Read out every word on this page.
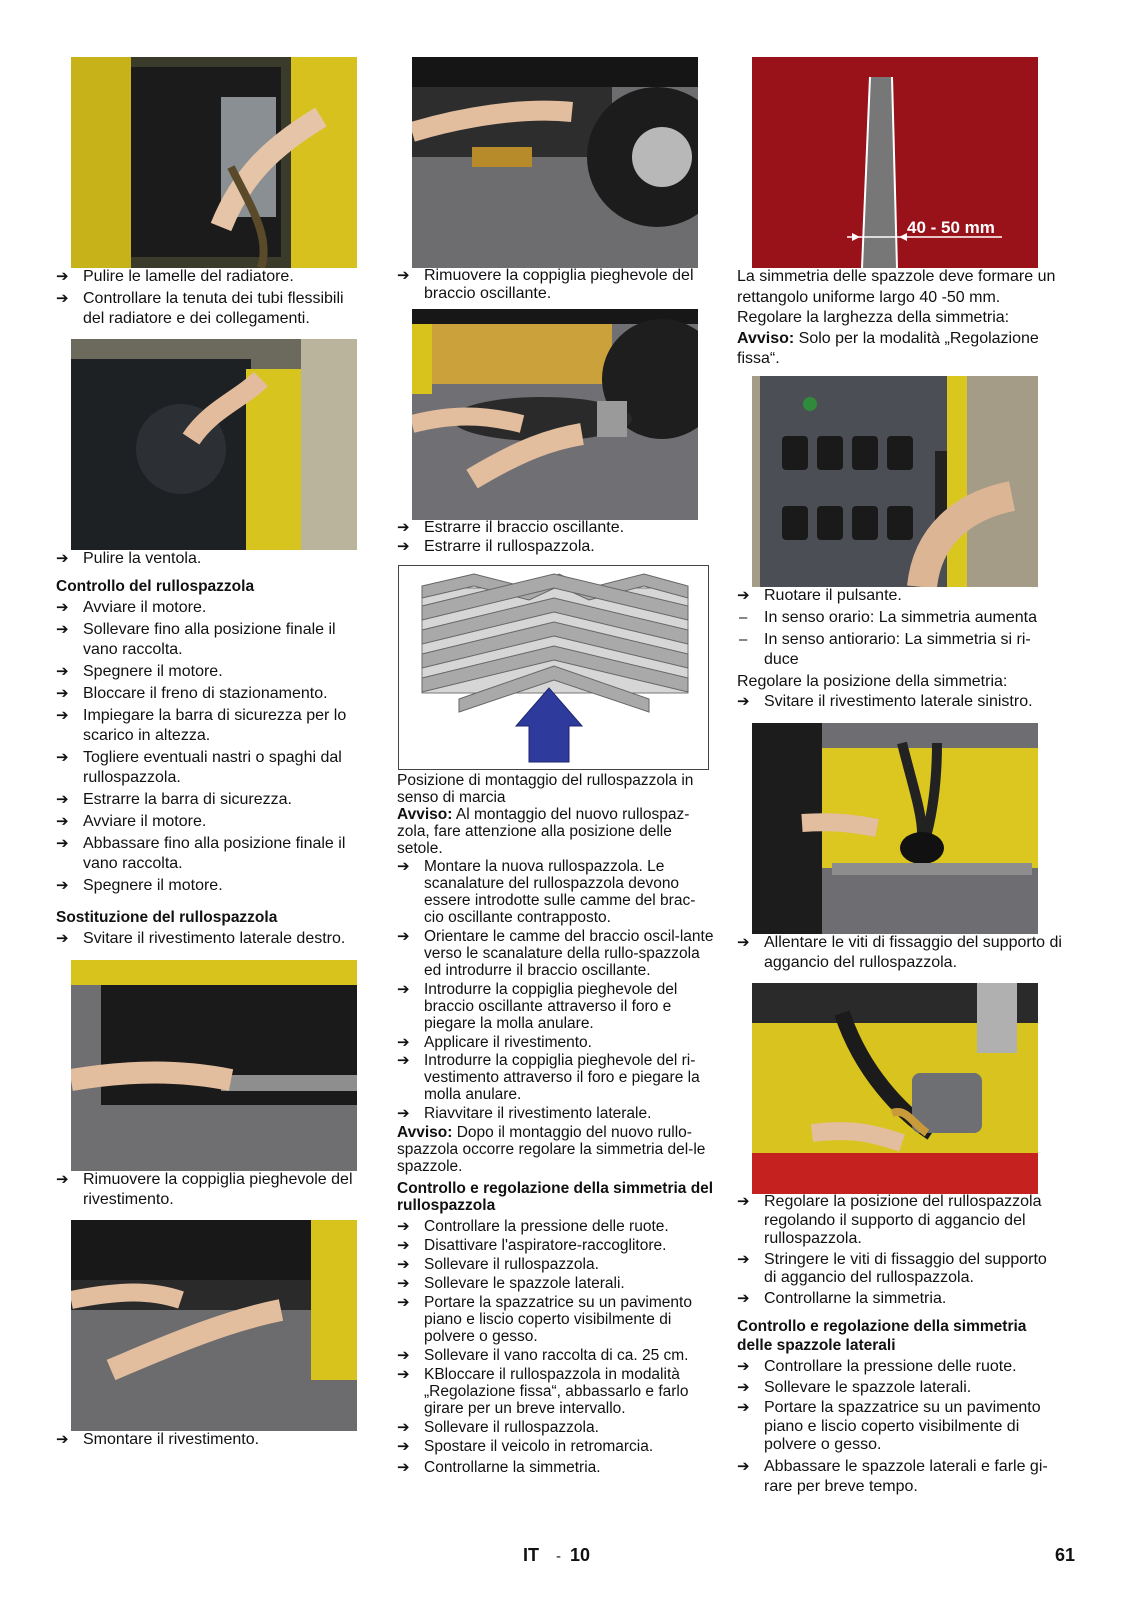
➔ Pulire le lamelle del radiatore.
➔ Controllare la tenuta dei tubi flessibili del radiatore e dei collegamenti.
➔ Pulire la ventola.
Controllo del rullospazzola
➔ Avviare il motore.
➔ Sollevare fino alla posizione finale il vano raccolta.
➔ Spegnere il motore.
➔ Bloccare il freno di stazionamento.
➔ Impiegare la barra di sicurezza per lo scarico in altezza.
➔ Togliere eventuali nastri o spaghi dal rullospazzola.
➔ Estrarre la barra di sicurezza.
➔ Avviare il motore.
➔ Abbassare fino alla posizione finale il vano raccolta.
➔ Spegnere il motore.
Sostituzione del rullospazzola
➔ Svitare il rivestimento laterale destro.
➔ Rimuovere la coppiglia pieghevole del rivestimento.
➔ Smontare il rivestimento.
➔ Rimuovere la coppiglia pieghevole del braccio oscillante.
➔ Estrarre il braccio oscillante.
➔ Estrarre il rullospazzola.
Posizione di montaggio del rullospazzola in senso di marcia
Avviso: Al montaggio del nuovo rullospaz-zola, fare attenzione alla posizione delle setole.
➔ Montare la nuova rullospazzola. Le scanalature del rullospazzola devono essere introdotte sulle camme del brac-cio oscillante contrapposto.
➔ Orientare le camme del braccio oscil-lante verso le scanalature della rullo-spazzola ed introdurre il braccio oscillante.
➔ Introdurre la coppiglia pieghevole del braccio oscillante attraverso il foro e piegare la molla anulare.
➔ Applicare il rivestimento.
➔ Introdurre la coppiglia pieghevole del ri-vestimento attraverso il foro e piegare la molla anulare.
➔ Riavvitare il rivestimento laterale.
Avviso: Dopo il montaggio del nuovo rullo-spazzola occorre regolare la simmetria del-le spazzole.
Controllo e regolazione della simmetria del rullospazzola
➔ Controllare la pressione delle ruote.
➔ Disattivare l'aspiratore-raccoglitore.
➔ Sollevare il rullospazzola.
➔ Sollevare le spazzole laterali.
➔ Portare la spazzatrice su un pavimento piano e liscio coperto visibilmente di polvere o gesso.
➔ Sollevare il vano raccolta di ca. 25 cm.
➔ KBloccare il rullospazzola in modalità „Regolazione fissa“, abbassarlo e farlo girare per un breve intervallo.
➔ Sollevare il rullospazzola.
➔ Spostare il veicolo in retromarcia.
➔ Controllarne la simmetria.
40 - 50 mm
La simmetria delle spazzole deve formare un rettangolo uniforme largo 40 -50 mm.
Regolare la larghezza della simmetria:
Avviso: Solo per la modalità „Regolazione fissa“.
➔ Ruotare il pulsante.
– In senso orario: La simmetria aumenta
– In senso antiorario: La simmetria si ri-duce
Regolare la posizione della simmetria:
➔ Svitare il rivestimento laterale sinistro.
➔ Allentare le viti di fissaggio del supporto di aggancio del rullospazzola.
➔ Regolare la posizione del rullospazzola regolando il supporto di aggancio del rullospazzola.
➔ Stringere le viti di fissaggio del supporto di aggancio del rullospazzola.
➔ Controllarne la simmetria.
Controllo e regolazione della simmetria delle spazzole laterali
➔ Controllare la pressione delle ruote.
➔ Sollevare le spazzole laterali.
➔ Portare la spazzatrice su un pavimento piano e liscio coperto visibilmente di polvere o gesso.
➔ Abbassare le spazzole laterali e farle gi-rare per breve tempo.
IT - 10	61
